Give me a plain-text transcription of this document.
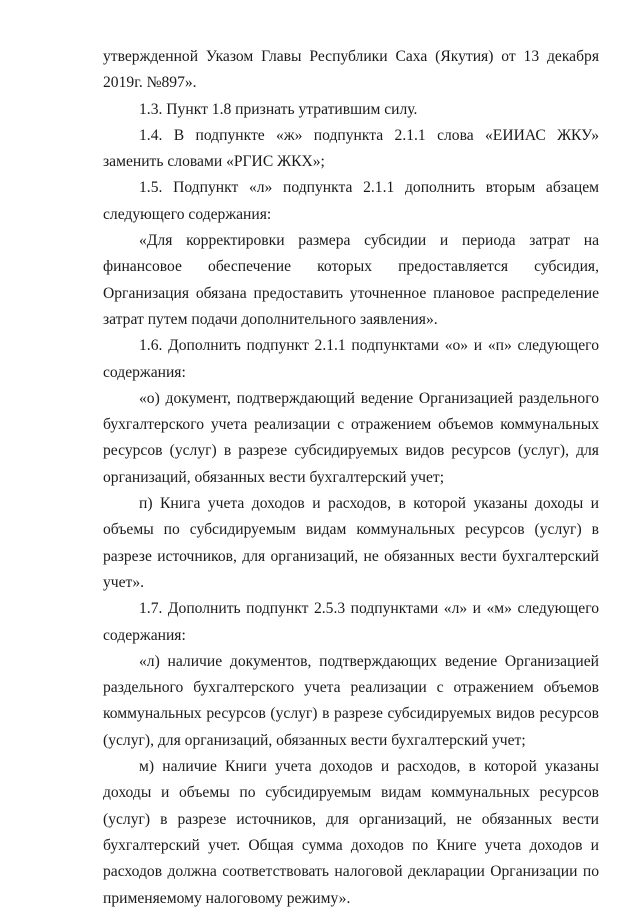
утвержденной Указом Главы Республики Саха (Якутия) от 13 декабря 2019г. №897».

1.3. Пункт 1.8 признать утратившим силу.

1.4. В подпункте «ж» подпункта 2.1.1 слова «ЕИИАС ЖКУ» заменить словами «РГИС ЖКХ»;

1.5. Подпункт «л» подпункта 2.1.1 дополнить вторым абзацем следующего содержания:

«Для корректировки размера субсидии и периода затрат на финансовое обеспечение которых предоставляется субсидия, Организация обязана предоставить уточненное плановое распределение затрат путем подачи дополнительного заявления».

1.6. Дополнить подпункт 2.1.1 подпунктами «о» и «п» следующего содержания:

«о) документ, подтверждающий ведение Организацией раздельного бухгалтерского учета реализации с отражением объемов коммунальных ресурсов (услуг) в разрезе субсидируемых видов ресурсов (услуг), для организаций, обязанных вести бухгалтерский учет;

п) Книга учета доходов и расходов, в которой указаны доходы и объемы по субсидируемым видам коммунальных ресурсов (услуг) в разрезе источников, для организаций, не обязанных вести бухгалтерский учет».

1.7. Дополнить подпункт 2.5.3 подпунктами «л» и «м» следующего содержания:

«л) наличие документов, подтверждающих ведение Организацией раздельного бухгалтерского учета реализации с отражением объемов коммунальных ресурсов (услуг) в разрезе субсидируемых видов ресурсов (услуг), для организаций, обязанных вести бухгалтерский учет;

м) наличие Книги учета доходов и расходов, в которой указаны доходы и объемы по субсидируемым видам коммунальных ресурсов (услуг) в разрезе источников, для организаций, не обязанных вести бухгалтерский учет. Общая сумма доходов по Книге учета доходов и расходов должна соответствовать налоговой декларации Организации по применяемому налоговому режиму».
